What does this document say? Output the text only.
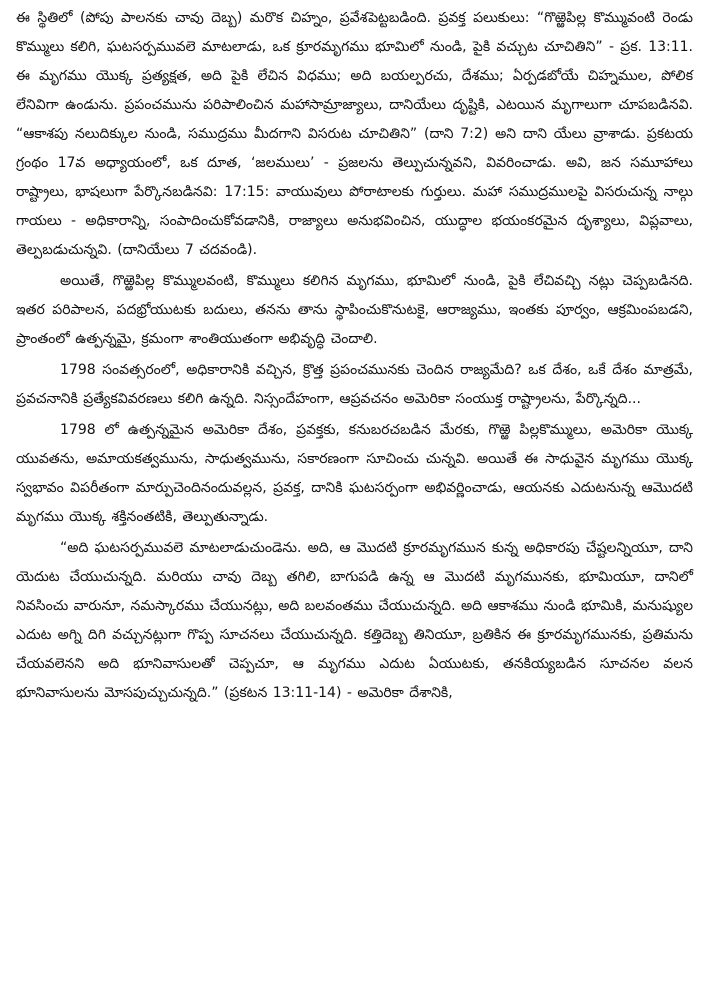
ఈ స్థితిలో (పోపు పాలనకు చావు దెబ్బ) మరొక చిహ్నం, ప్రవేశపెట్టబడింది. ప్రవక్త పలుకులు: “గొఱ్ఱెపిల్ల కొమ్మువంటి రెండు కొమ్ములు కలిగి, ఘటసర్పమువలె మాటలాడు, ఒక క్రూరమృగము భూమిలో నుండి, పైకి వచ్చుట చూచితిని” - ప్రక. 13:11. ఈ మృగము యొక్క ప్రత్యక్షత, అది పైకి లేచిన విధము; అది బయల్పరచు, దేశము; ఏర్పడబోయే చిహ్నముల, పోలిక లేనివిగా ఉండును. ప్రపంచమును పరిపాలించిన మహాసామ్రాజ్యాలు, దానియేలు దృష్టికి, ఎటయిన మృగాలుగా చూపబడినవి. “ఆకాశపు నలుదిక్కుల నుండి, సముద్రము మీదగాని విసరుట చూచితిని” (దాని 7:2) అని దాని యేలు వ్రాశాడు. ప్రకటయ గ్రంథం 17వ అధ్యాయంలో, ఒక దూత, ‘జలములు’ - ప్రజలను తెల్పుచున్నవని, వివరించాడు. అవి, జన సమూహాలు రాష్ట్రాలు, భాషలుగా పేర్కొనబడినవి: 17:15: వాయువులు పోరాటాలకు గుర్తులు. మహా సముద్రములపై విసరుచున్న నాల్గు గాయలు - అధికారాన్ని, సంపాదించుకోవడానికి, రాజ్యాలు అనుభవించిన, యుద్ధాల భయంకరమైన దృశ్యాలు, విప్లవాలు, తెల్పబడుచున్నవి. (దానియేలు 7 చదవండి).

అయితే, గొఱ్ఱెపిల్ల కొమ్ములవంటి, కొమ్ములు కలిగిన మృగము, భూమిలో నుండి, పైకి లేచివచ్చి నట్లు చెప్పబడినది. ఇతర పరిపాలన, పదభ్రోయుటకు బదులు, తనను తాను స్థాపించుకొనుటకై, ఆరాజ్యము, ఇంతకు పూర్వం, ఆక్రమింపబడని, ప్రాంతంలో ఉత్పన్నమై, క్రమంగా శాంతియుతంగా అభివృద్ధి చెందాలి.

1798 సంవత్సరంలో, అధికారానికి వచ్చిన, క్రొత్త ప్రపంచమునకు చెందిన రాజ్యమేది? ఒక దేశం, ఒకే దేశం మాత్రమే, ప్రవచనానికి ప్రత్యేకవివరణలు కలిగి ఉన్నది. నిస్సందేహంగా, ఆప్రవచనం అమెరికా సంయుక్త రాష్ట్రాలను, పేర్కొన్నది...

1798 లో ఉత్పన్నమైన అమెరికా దేశం, ప్రవక్తకు, కనుబరచబడిన మేరకు, గొఱ్ఱె పిల్లకొమ్ములు, అమెరికా యొక్క యువతను, అమాయకత్వమును, సాధుత్వమును, సకారణంగా సూచించు చున్నవి. అయితే ఈ సాధువైన మృగము యొక్క స్వభావం విపరీతంగా మార్పుచెందినందువల్లన, ప్రవక్త, దానికి ఘటసర్పంగా అభివర్ణించాడు, ఆయనకు ఎదుటనున్న ఆమొదటి మృగము యొక్క శక్తినంతటికి, తెల్పుతున్నాడు.

“అది ఘటసర్పమువలె మాటలాడుచుండెను. అది, ఆ మొదటి క్రూరమృగమున కున్న అధికారపు చేష్టలన్నియూ, దాని యెదుట చేయుచున్నది. మరియు చావు దెబ్బ తగిలి, బాగుపడి ఉన్న ఆ మొదటి మృగమునకు, భూమియూ, దానిలో నివసించు వారునూ, నమస్కారము చేయునట్లు, అది బలవంతము చేయుచున్నది. అది ఆకాశము నుండి భూమికి, మనుష్యుల ఎదుట అగ్ని దిగి వచ్చునట్లుగా గొప్ప సూచనలు చేయుచున్నది. కత్తిదెబ్బ తినియూ, బ్రతికిన ఈ క్రూరమృగమునకు, ప్రతిమను చేయవలెనని అది భూనివాసులతో చెప్పచూ, ఆ మృగము ఎదుట ఏయుటకు, తనకియ్యబడిన సూచనల వలన భూనివాసులను మోసపుచ్చుచున్నది.” (ప్రకటన 13:11-14) - అమెరికా దేశానికి,
